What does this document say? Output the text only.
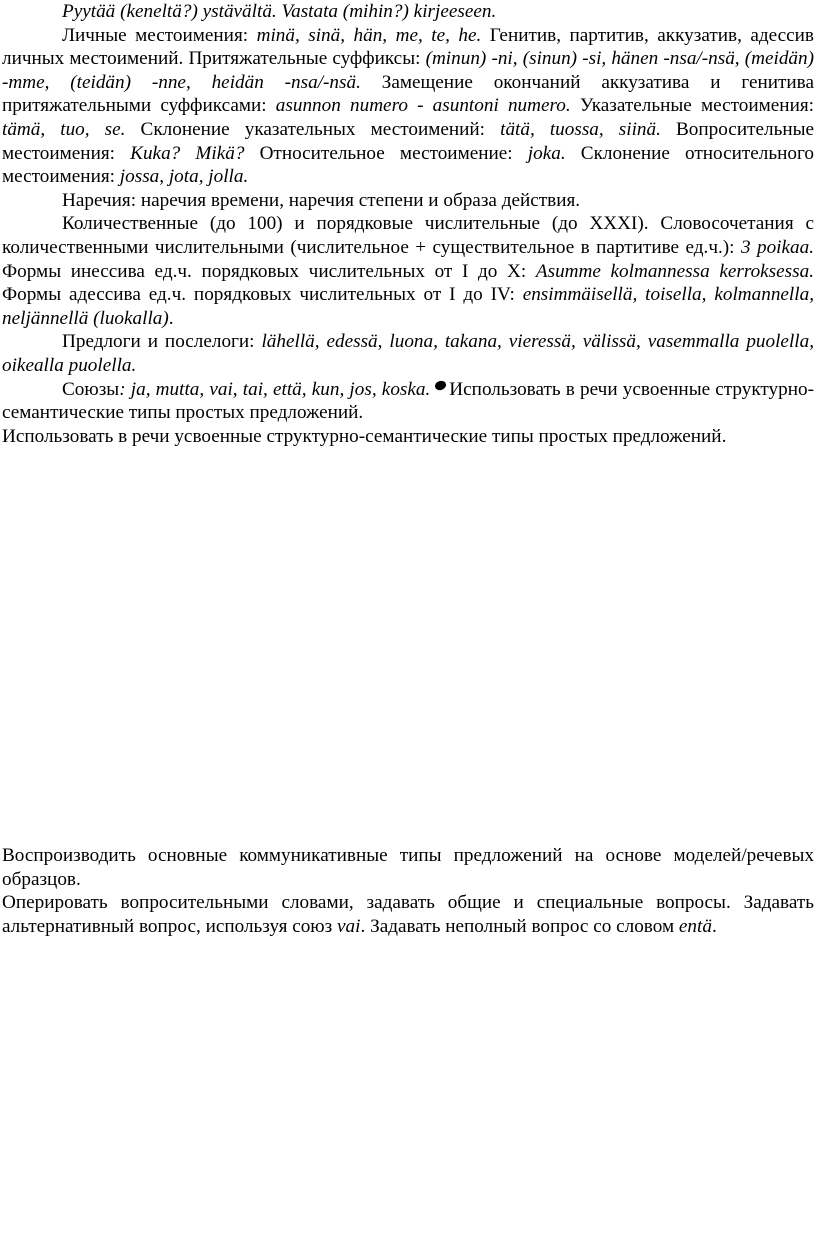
Pyytää (keneltä?) ystävältä. Vastata (mihin?) kirjeeseen.

Личные местоимения: minä, sinä, hän, me, te, he. Генитив, партитив, аккузатив, адессив личных местоимений. Притяжательные суффиксы: (minun) -ni, (sinun) -si, hänen -nsa/-nsä, (meidän) -mme, (teidän) -nne, heidän -nsa/-nsä. Замещение окончаний аккузатива и генитива притяжательными суффиксами: asunnon numero - asuntoni numero. Указательные местоимения: tämä, tuo, se. Склонение указательных местоимений: tätä, tuossa, siinä. Вопросительные местоимения: Kuka? Mikä? Относительное местоимение: joka. Склонение относительного местоимения: jossa, jota, jolla.

Наречия: наречия времени, наречия степени и образа действия.

Количественные (до 100) и порядковые числительные (до XXXI). Словосочетания с количественными числительными (числительное + существительное в партитиве ед.ч.): 3 poikaa. Формы инессива ед.ч. порядковых числительных от I до X: Asumme kolmannessa kerroksessa. Формы адессива ед.ч. порядковых числительных от I до IV: ensimmäisellä, toisella, kolmannella, neljännellä (luokalla).

Предлоги и послелоги: lähellä, edessä, luona, takana, vieressä, välissä, vasemmalla puolella, oikealla puolella.

Союзы: ja, mutta, vai, tai, että, kun, jos, koska. Использовать в речи усвоенные структурно-семантические типы простых предложений.

Использовать в речи усвоенные структурно-семантические типы простых предложений.

Воспроизводить основные коммуникативные типы предложений на основе моделей/речевых образцов.

Оперировать вопросительными словами, задавать общие и специальные вопросы. Задавать альтернативный вопрос, используя союз vai. Задавать неполный вопрос со словом entä.
